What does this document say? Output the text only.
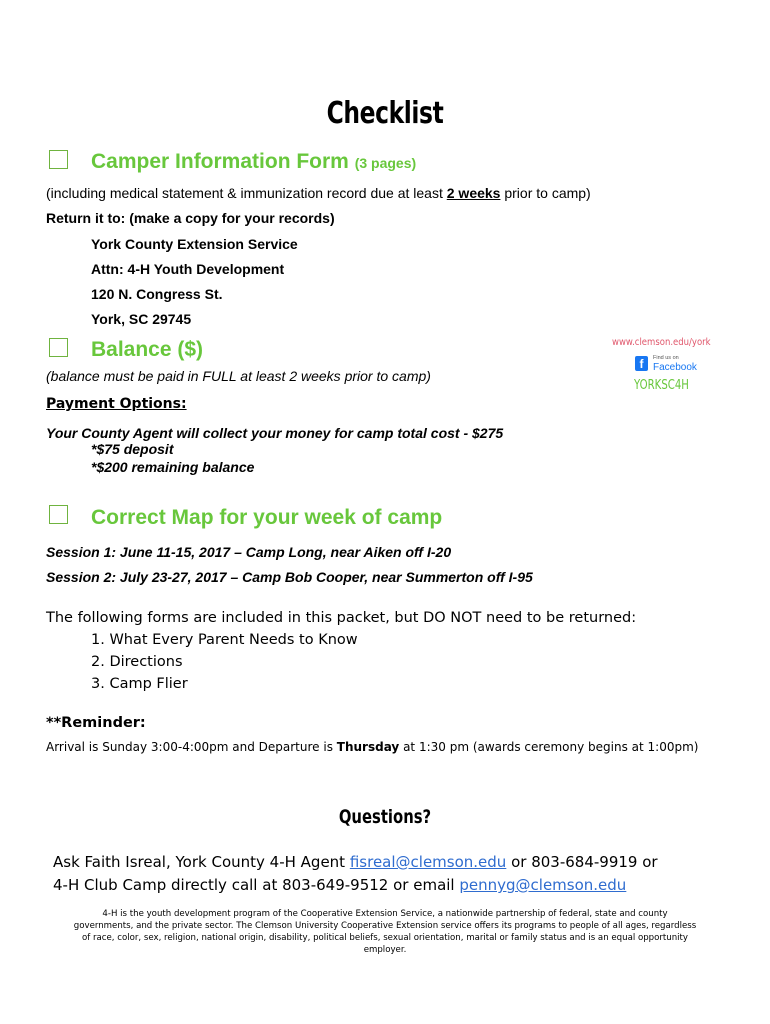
Checklist
Camper Information Form (3 pages)
(including medical statement & immunization record due at least 2 weeks prior to camp)
Return it to: (make a copy for your records)
York County Extension Service
Attn: 4-H Youth Development
120 N. Congress St.
York, SC 29745
www.clemson.edu/york
f	Find us on
Facebook
YORKSC4H
Balance ($)
(balance must be paid in FULL at least 2 weeks prior to camp)
Payment Options:
Your County Agent will collect your money for camp total cost - $275
*$75 deposit
*$200 remaining balance
Correct Map for your week of camp
Session 1: June 11-15, 2017 – Camp Long, near Aiken off I-20
Session 2: July 23-27, 2017 – Camp Bob Cooper, near Summerton off I-95
The following forms are included in this packet, but DO NOT need to be returned:
1. What Every Parent Needs to Know
2. Directions
3. Camp Flier
**Reminder:
Arrival is Sunday 3:00-4:00pm and Departure is Thursday at 1:30 pm (awards ceremony begins at 1:00pm)
Questions?
Ask Faith Isreal, York County 4-H Agent fisreal@clemson.edu or 803-684-9919 or
4-H Club Camp directly call at 803-649-9512 or email pennyg@clemson.edu
4-H is the youth development program of the Cooperative Extension Service, a nationwide partnership of federal, state and county
governments, and the private sector. The Clemson University Cooperative Extension service offers its programs to people of all ages, regardless
of race, color, sex, religion, national origin, disability, political beliefs, sexual orientation, marital or family status and is an equal opportunity employer.
